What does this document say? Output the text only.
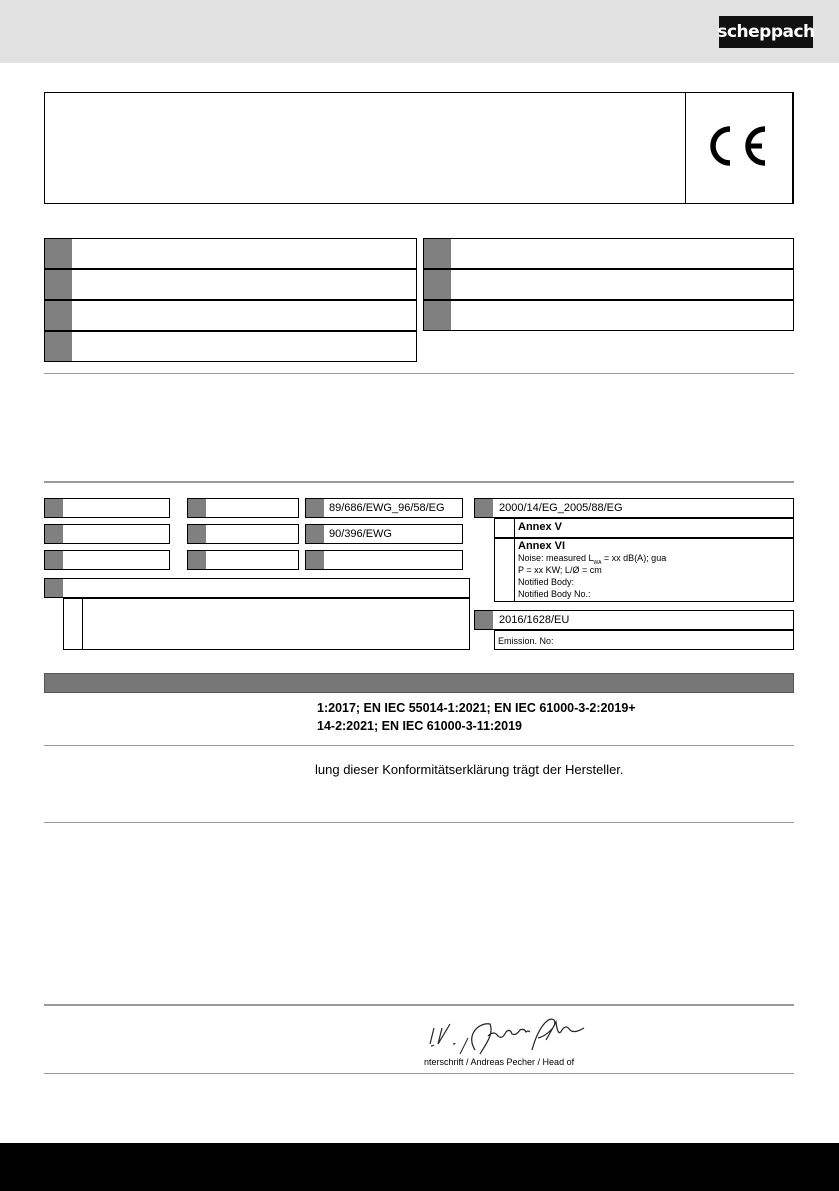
scheppach
89/686/EWG_96/58/EG
90/396/EWG
2000/14/EG_2005/88/EG
Annex V
Annex VI
Noise: measured $L_{WA}$ = xx dB(A); gua
P = xx KW; L/Ø = cm
Notified Body:
Notified Body No.:
2016/1628/EU
Emission. No:
1:2017; EN IEC 55014-1:2021; EN IEC 61000-3-2:2019+
14-2:2021; EN IEC 61000-3-11:2019
lung dieser Konformitätserklärung trägt der Hersteller.
i. V. Andreas Pecher
nterschrift / Andreas Pecher / Head of
